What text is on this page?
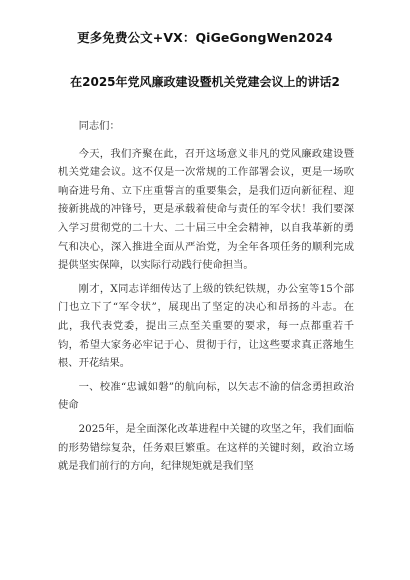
更多免费公文+VX：QiGeGongWen2024
在2025年党风廉政建设暨机关党建会议上的讲话2

同志们：

今天，我们齐聚在此，召开这场意义非凡的党风廉政建设暨机关党建会议。这不仅是一次常规的工作部署会议，更是一场吹响奋进号角、立下庄重誓言的重要集会，是我们迈向新征程、迎接新挑战的冲锋号，更是承载着使命与责任的军令状！我们要深入学习贯彻党的二十大、二十届三中全会精神，以自我革新的勇气和决心，深入推进全面从严治党，为全年各项任务的顺利完成提供坚实保障，以实际行动践行使命担当。

刚才，X同志详细传达了上级的铁纪铁规，办公室等15个部门也立下了“军令状”，展现出了坚定的决心和昂扬的斗志。在此，我代表党委，提出三点至关重要的要求，每一点都重若千钧，希望大家务必牢记于心、贯彻于行，让这些要求真正落地生根、开花结果。

一、校准“忠诚如磐”的航向标，以矢志不渝的信念勇担政治使命

2025年，是全面深化改革进程中关键的攻坚之年，我们面临的形势错综复杂，任务艰巨繁重。在这样的关键时刻，政治立场就是我们前行的方向，纪律规矩就是我们坚
